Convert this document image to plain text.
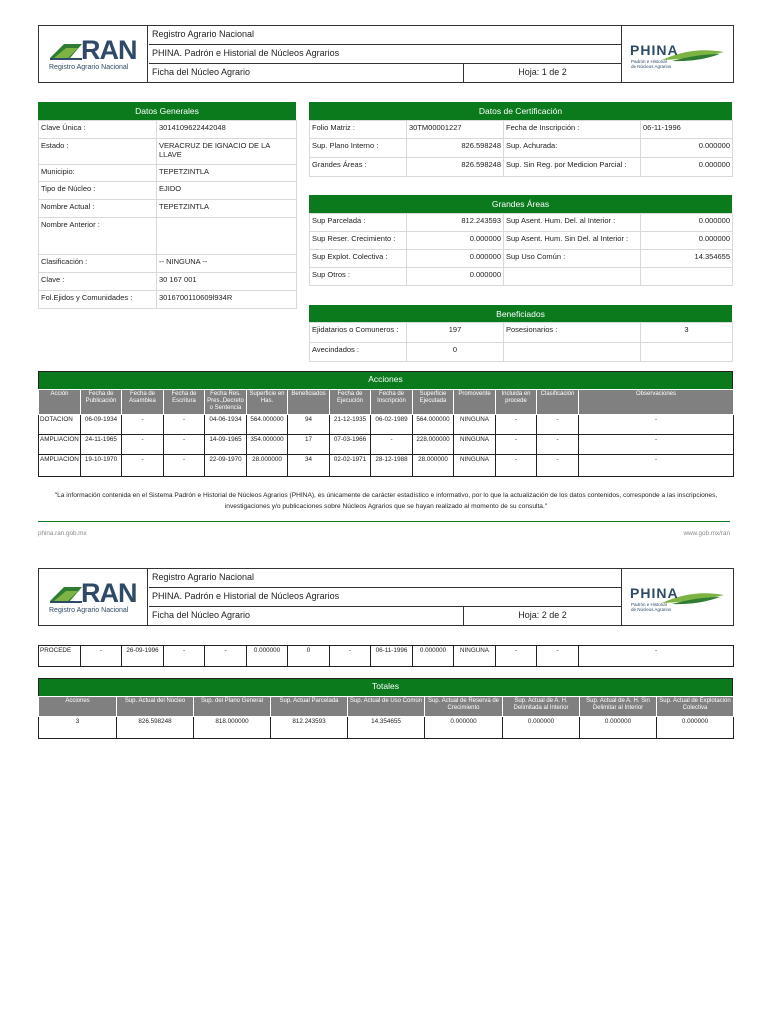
RAN
Registro Agrario Nacional
Registro Agrario Nacional
PHINA. Padrón e Historial de Núcleos Agrarios
Ficha del Núcleo Agrario	Hoja: 1 de 2
PHINA
Padrón e Historial
de Núcleos Agrarios
Datos Generales
Clave Única :	3014109622442048
Estado :	VERACRUZ DE IGNACIO DE LA LLAVE
Municipio:	TEPETZINTLA
Tipo de Núcleo :	EJIDO
Nombre Actual :	TEPETZINTLA
Nombre Anterior :	
Clasificación :	-- NINGUNA --
Clave :	30 167 001
Fol.Ejidos y Comunidades :	3016700110609l934R
Datos de Certificación
Folio Matriz :	30TM00001227	Fecha de Inscripción :	06-11-1996
Sup. Plano Interno :	826.598248	Sup. Achurada:	0.000000
Grandes Áreas :	826.598248	Sup. Sin Reg. por Medicion Parcial :	0.000000
Grandes Áreas
Sup Parcelada :	812.243593	Sup Asent. Hum. Del. al Interior :	0.000000
Sup Reser. Crecimiento :	0.000000	Sup Asent. Hum. Sin Del. al Interior :	0.000000
Sup Explot. Colectiva :	0.000000	Sup Uso Común :	14.354655
Sup Otros :	0.000000		
Beneficiados
Ejidatarios o Comuneros :	197	Posesionarios :	3
Avecindados :	0		
Acciones
Acción	Fecha de Publicación	Fecha de Asamblea	Fecha de Escritura	Fecha Res. Pres.,Decreto o Sentencia	Superficie en Has.	Beneficiados	Fecha de Ejecución	Fecha de Inscripción	Superficie Ejecutada	Promovente	Incluida en procede	Clasificación	Observaciones
DOTACION	06-09-1934	-	-	04-06-1934	564.000000	94	21-12-1935	06-02-1989	564.000000	NINGUNA	-	-	-
AMPLIACION	24-11-1965	-	-	14-09-1965	354.000000	17	07-03-1966	-	228.000000	NINGUNA	-	-	-
AMPLIACION	19-10-1970	-	-	22-09-1970	28.000000	34	02-02-1971	28-12-1988	28.000000	NINGUNA	-	-	-
"La información contenida en el Sistema Padrón e Historial de Núcleos Agrarios (PHINA), es únicamente de carácter estadístico e informativo, por lo que la actualización de los datos contenidos, corresponde a las inscripciones, investigaciones y/o publicaciones sobre Núcleos Agrarios que se hayan realizado al momento de su consulta."
phina.ran.gob.mx	www.gob.mx/ran
RAN
Registro Agrario Nacional
Registro Agrario Nacional
PHINA. Padrón e Historial de Núcleos Agrarios
Ficha del Núcleo Agrario	Hoja: 2 de 2
PHINA
Padrón e Historial
de Núcleos Agrarios
PROCEDE	-	26-09-1996	-	-	0.000000	0	-	06-11-1996	0.000000	NINGUNA	-	-	-
Totales
Acciones	Sup. Actual del Núcleo	Sup. del Plano General	Sup. Actual Parcelada	Sup. Actual de Uso Común	Sup. Actual de Reserva de Crecimiento	Sup. Actual de A. H. Delimitada al Interior	Sup. Actual de A. H. Sin Delimitar al Interior	Sup. Actual de Explotación Colectiva
3	826.598248	818.000000	812.243593	14.354655	0.000000	0.000000	0.000000	0.000000
